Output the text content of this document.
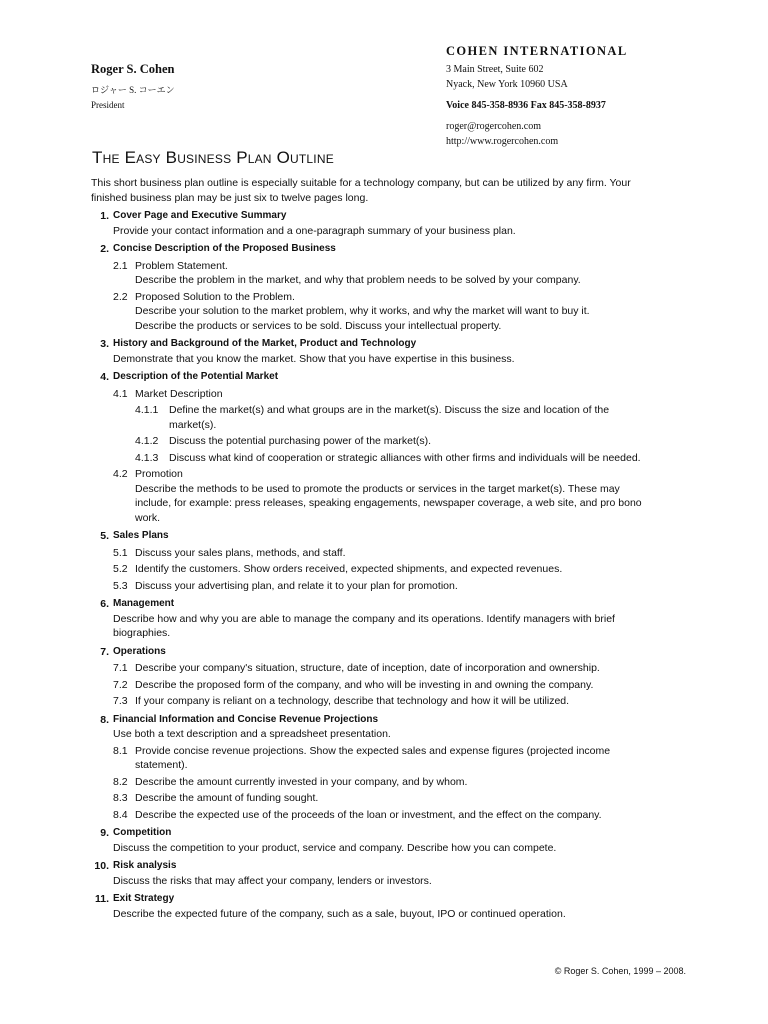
Roger S. Cohen
ロジャー S. コーエン
President
COHEN INTERNATIONAL
3 Main Street, Suite 602
Nyack, New York 10960 USA
Voice 845-358-8936 Fax 845-358-8937
roger@rogercohen.com
http://www.rogercohen.com
The Easy Business Plan Outline
This short business plan outline is especially suitable for a technology company, but can be utilized by any firm. Your finished business plan may be just six to twelve pages long.
1. Cover Page and Executive Summary
Provide your contact information and a one-paragraph summary of your business plan.
2. Concise Description of the Proposed Business
2.1 Problem Statement.
Describe the problem in the market, and why that problem needs to be solved by your company.
2.2 Proposed Solution to the Problem.
Describe your solution to the market problem, why it works, and why the market will want to buy it.
Describe the products or services to be sold. Discuss your intellectual property.
3. History and Background of the Market, Product and Technology
Demonstrate that you know the market. Show that you have expertise in this business.
4. Description of the Potential Market
4.1 Market Description
4.1.1 Define the market(s) and what groups are in the market(s). Discuss the size and location of the market(s).
4.1.2 Discuss the potential purchasing power of the market(s).
4.1.3 Discuss what kind of cooperation or strategic alliances with other firms and individuals will be needed.
4.2 Promotion
Describe the methods to be used to promote the products or services in the target market(s). These may include, for example: press releases, speaking engagements, newspaper coverage, a web site, and pro bono work.
5. Sales Plans
5.1 Discuss your sales plans, methods, and staff.
5.2 Identify the customers. Show orders received, expected shipments, and expected revenues.
5.3 Discuss your advertising plan, and relate it to your plan for promotion.
6. Management
Describe how and why you are able to manage the company and its operations. Identify managers with brief biographies.
7. Operations
7.1 Describe your company's situation, structure, date of inception, date of incorporation and ownership.
7.2 Describe the proposed form of the company, and who will be investing in and owning the company.
7.3 If your company is reliant on a technology, describe that technology and how it will be utilized.
8. Financial Information and Concise Revenue Projections
Use both a text description and a spreadsheet presentation.
8.1 Provide concise revenue projections. Show the expected sales and expense figures (projected income statement).
8.2 Describe the amount currently invested in your company, and by whom.
8.3 Describe the amount of funding sought.
8.4 Describe the expected use of the proceeds of the loan or investment, and the effect on the company.
9. Competition
Discuss the competition to your product, service and company. Describe how you can compete.
10. Risk analysis
Discuss the risks that may affect your company, lenders or investors.
11. Exit Strategy
Describe the expected future of the company, such as a sale, buyout, IPO or continued operation.
© Roger S. Cohen, 1999 – 2008.
